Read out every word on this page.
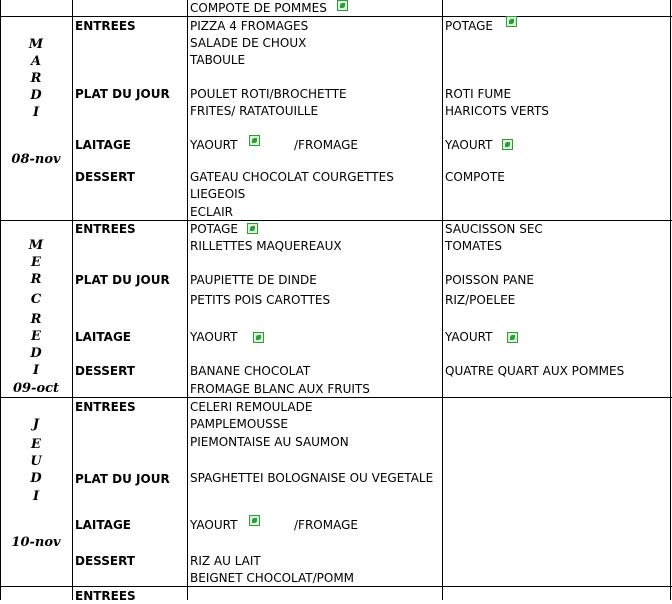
COMPOTE DE POMMES
M
A
R
D
I
08-nov
ENTREES
PLAT DU JOUR
LAITAGE
DESSERT
PIZZA 4 FROMAGES
SALADE DE CHOUX
TABOULE
POULET ROTI/BROCHETTE
FRITES/ RATATOUILLE
YAOURT	/FROMAGE
GATEAU CHOCOLAT COURGETTES
LIEGEOIS
ECLAIR
POTAGE
ROTI FUME
HARICOTS VERTS
YAOURT
COMPOTE
M
E
R
C
R
E
D
I
09-oct
ENTREES
PLAT DU JOUR
LAITAGE
DESSERT
POTAGE
RILLETTES MAQUEREAUX
PAUPIETTE DE DINDE
PETITS POIS CAROTTES
YAOURT
BANANE CHOCOLAT
FROMAGE BLANC AUX FRUITS
SAUCISSON SEC
TOMATES
POISSON PANE
RIZ/POELEE
YAOURT
QUATRE QUART AUX POMMES
J
E
U
D
I
10-nov
ENTREES
PLAT DU JOUR
LAITAGE
DESSERT
CELERI REMOULADE
PAMPLEMOUSSE
PIEMONTAISE AU SAUMON
SPAGHETTEI BOLOGNAISE OU VEGETALE
YAOURT	/FROMAGE
RIZ AU LAIT
BEIGNET CHOCOLAT/POMM
ENTREES
